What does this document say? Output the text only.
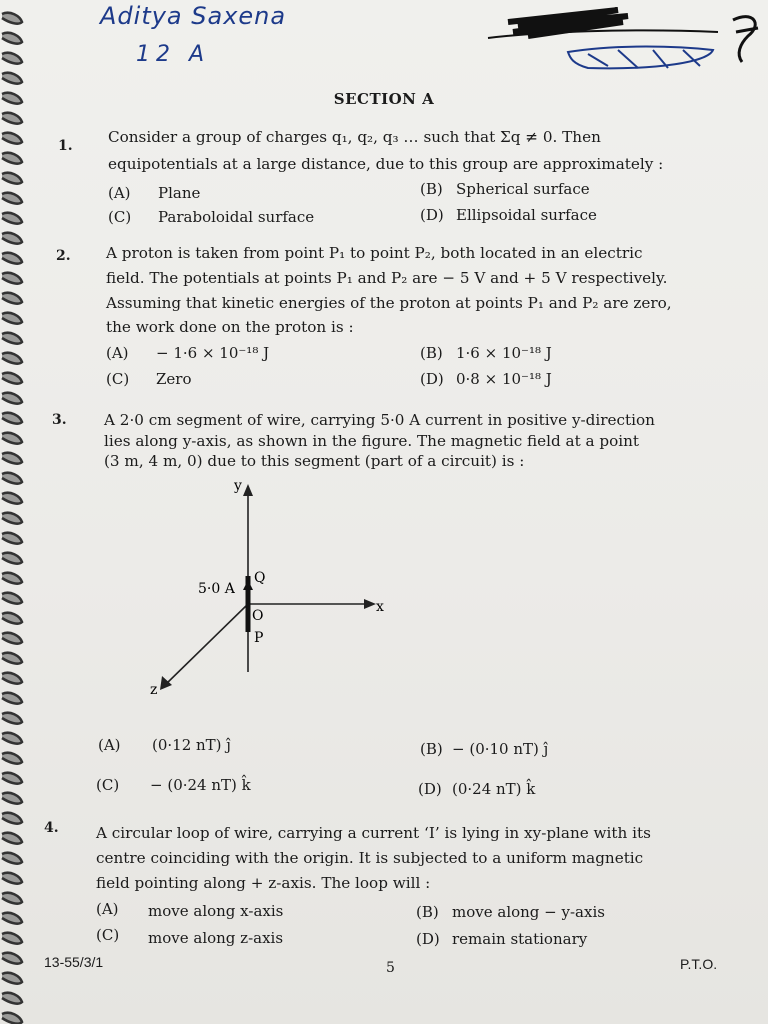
Aditya Saxena
12 A
SECTION A
1. Consider a group of charges q₁, q₂, q₃ … such that Σq ≠ 0. Then
equipotentials at a large distance, due to this group are approximately :
(A) Plane	(B) Spherical surface
(C) Paraboloidal surface	(D) Ellipsoidal surface
2. A proton is taken from point P₁ to point P₂, both located in an electric
field. The potentials at points P₁ and P₂ are − 5 V and + 5 V respectively.
Assuming that kinetic energies of the proton at points P₁ and P₂ are zero,
the work done on the proton is :
(A) − 1·6 × 10⁻¹⁸ J	(B) 1·6 × 10⁻¹⁸ J
(C) Zero	(D) 0·8 × 10⁻¹⁸ J
3. A 2·0 cm segment of wire, carrying 5·0 A current in positive y-direction
lies along y-axis, as shown in the figure. The magnetic field at a point
(3 m, 4 m, 0) due to this segment (part of a circuit) is :
y
x
z
5·0 A
Q
O
P
(A) (0·12 nT) ĵ	(B) − (0·10 nT) ĵ
(C) − (0·24 nT) k̂	(D) (0·24 nT) k̂
4. A circular loop of wire, carrying a current ‘I’ is lying in xy-plane with its
centre coinciding with the origin. It is subjected to a uniform magnetic
field pointing along + z-axis. The loop will :
(A) move along x-axis	(B) move along − y-axis
(C) move along z-axis	(D) remain stationary
13-55/3/1	5	P.T.O.
